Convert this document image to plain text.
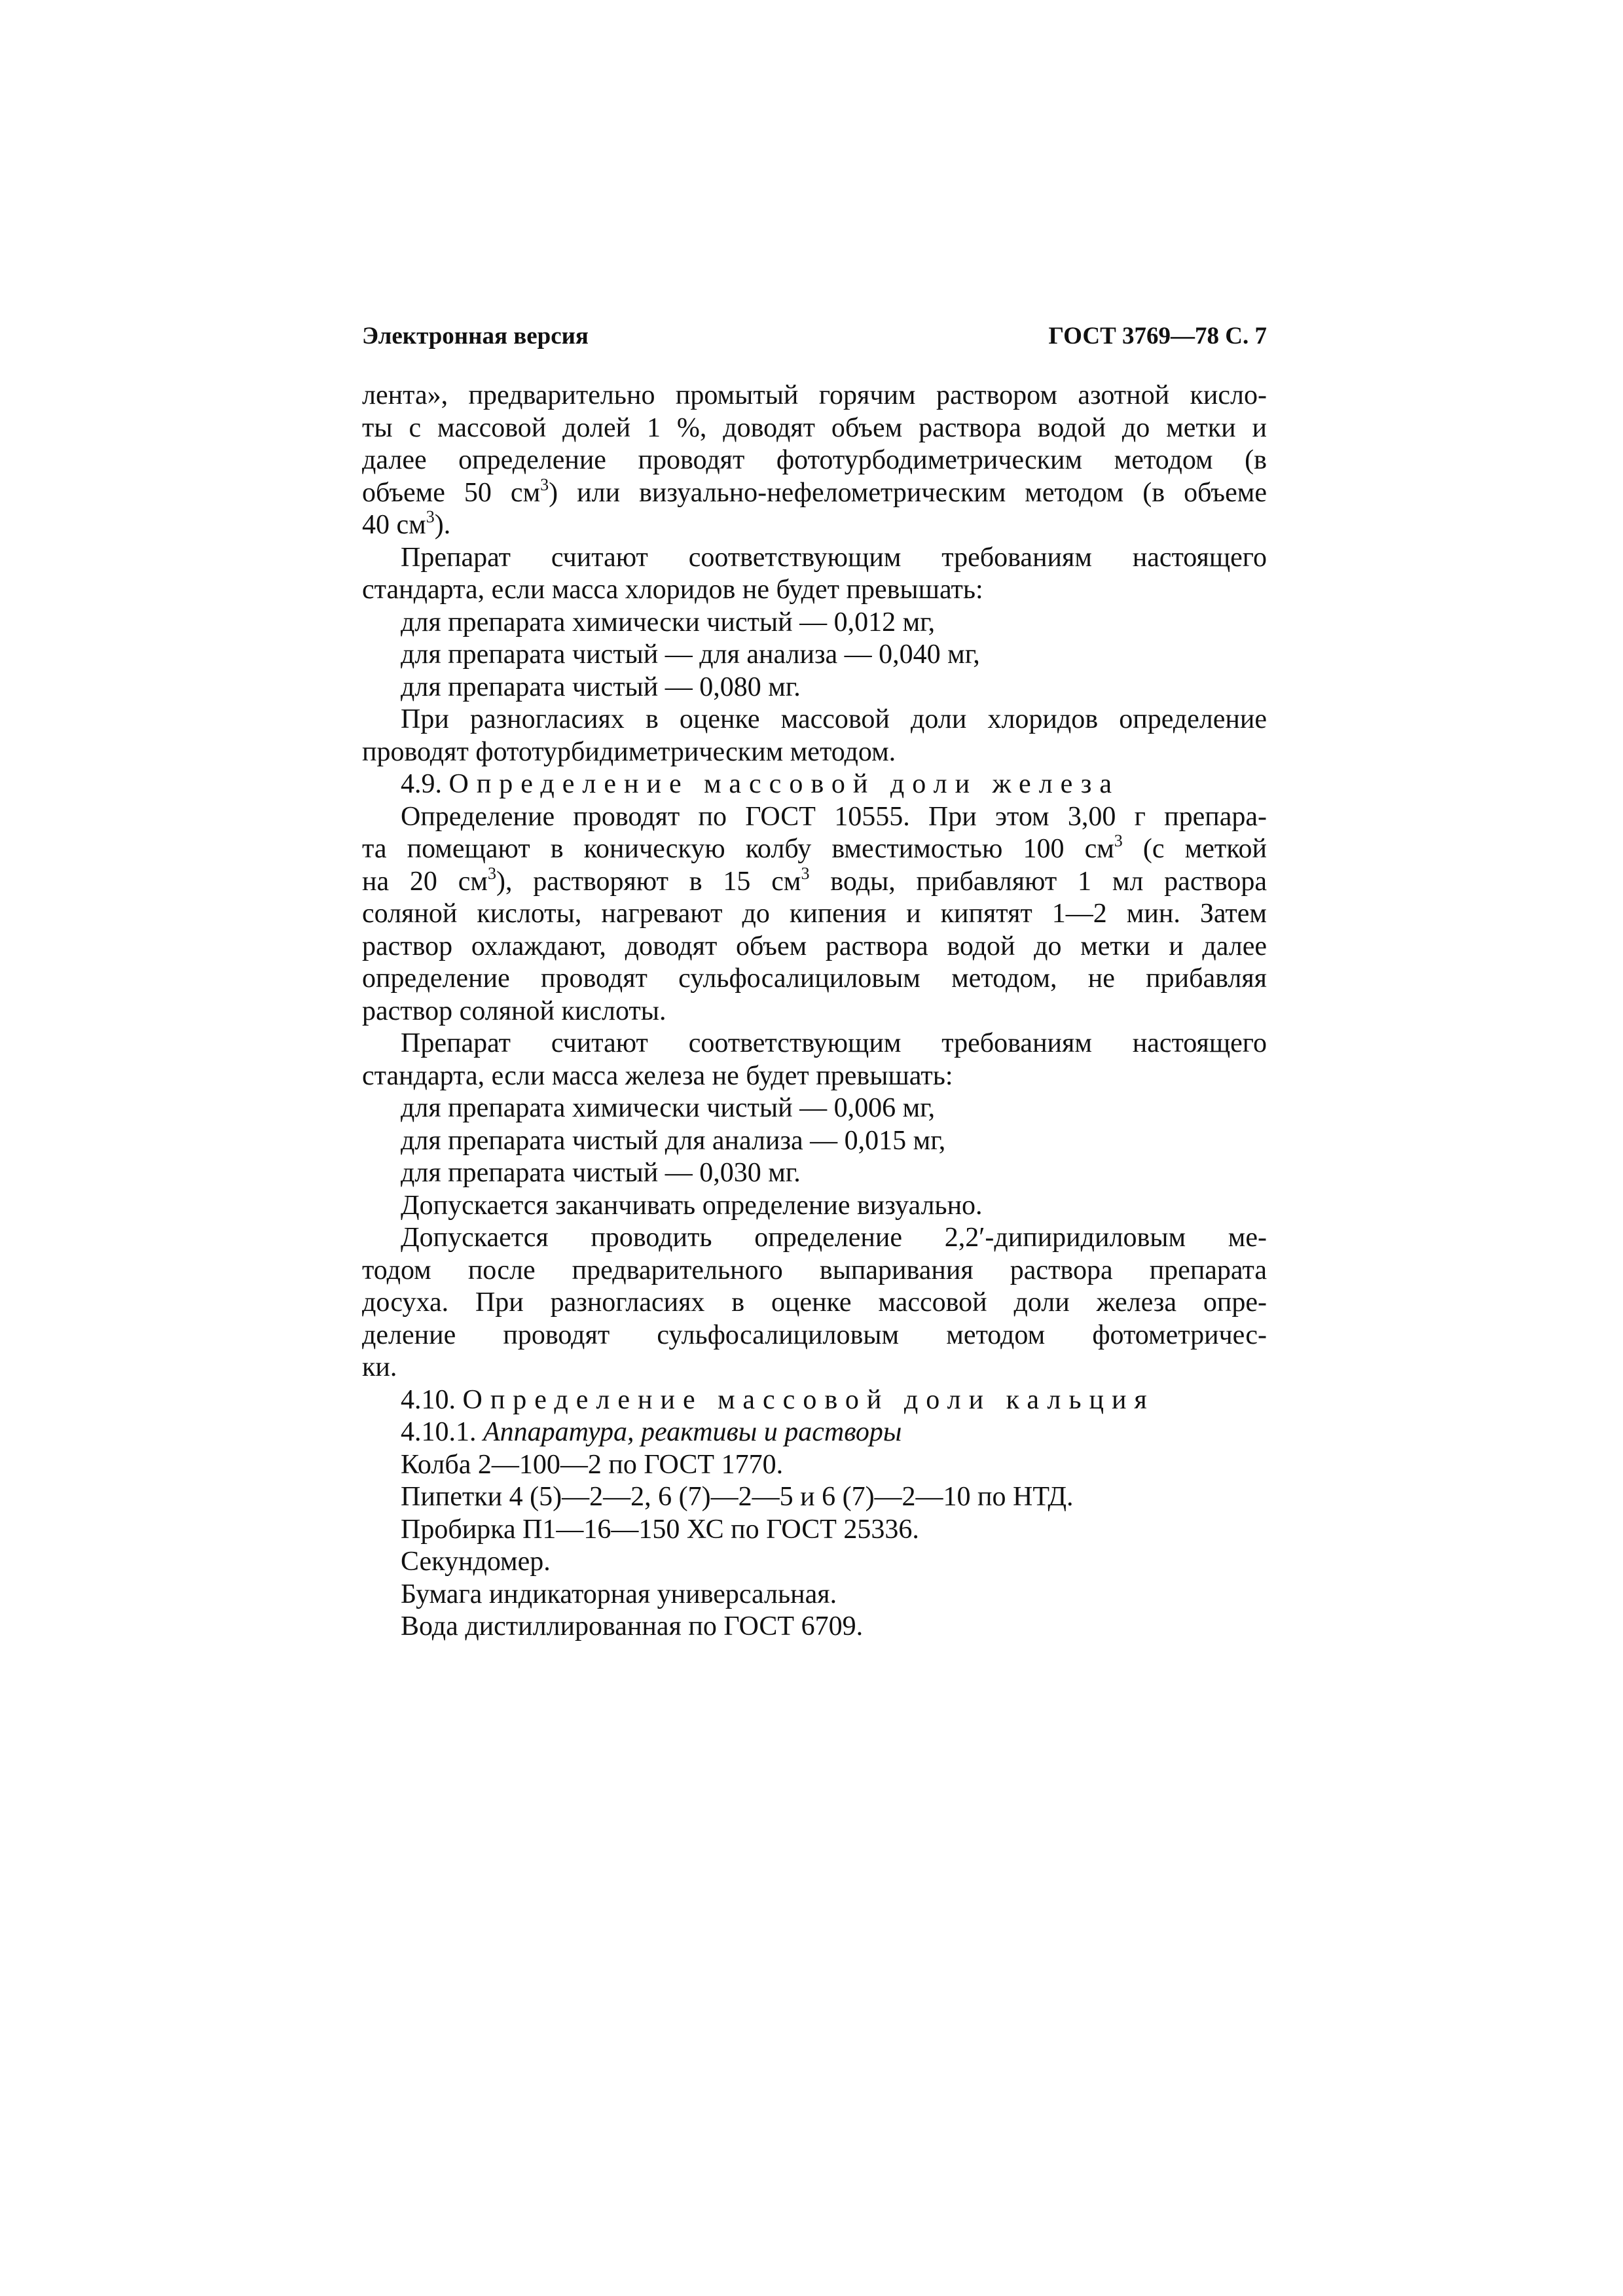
Электронная версия	ГОСТ 3769—78 С. 7

лента», предварительно промытый горячим раствором азотной кисло-
ты с массовой долей 1 %, доводят объем раствора водой до метки и
далее определение проводят фототурбодиметрическим методом (в
объеме 50 $см^3$) или визуально-нефелометрическим методом (в объеме
40 $см^3$).

Препарат считают соответствующим требованиям настоящего
стандарта, если масса хлоридов не будет превышать:

для препарата химически чистый — 0,012 мг,
для препарата чистый — для анализа — 0,040 мг,
для препарата чистый — 0,080 мг.

При разногласиях в оценке массовой доли хлоридов определение
проводят фототурбидиметрическим методом.

4.9. Определение массовой доли железа

Определение проводят по ГОСТ 10555. При этом 3,00 г препара-
та помещают в коническую колбу вместимостью 100 $см^3$ (с меткой
на 20 $см^3$), растворяют в 15 $см^3$ воды, прибавляют 1 мл раствора
соляной кислоты, нагревают до кипения и кипятят 1—2 мин. Затем
раствор охлаждают, доводят объем раствора водой до метки и далее
определение проводят сульфосалициловым методом, не прибавляя
раствор соляной кислоты.

Препарат считают соответствующим требованиям настоящего
стандарта, если масса железа не будет превышать:

для препарата химически чистый — 0,006 мг,
для препарата чистый для анализа — 0,015 мг,
для препарата чистый — 0,030 мг.
Допускается заканчивать определение визуально.

Допускается проводить определение 2,2′-дипиридиловым ме-
тодом после предварительного выпаривания раствора препарата
досуха. При разногласиях в оценке массовой доли железа опре-
деление проводят сульфосалициловым методом фотометричес-
ки.

4.10. Определение массовой доли кальция
4.10.1. Аппаратура, реактивы и растворы
Колба 2—100—2 по ГОСТ 1770.
Пипетки 4 (5)—2—2, 6 (7)—2—5 и 6 (7)—2—10 по НТД.
Пробирка П1—16—150 ХС по ГОСТ 25336.
Секундомер.
Бумага индикаторная универсальная.
Вода дистиллированная по ГОСТ 6709.
